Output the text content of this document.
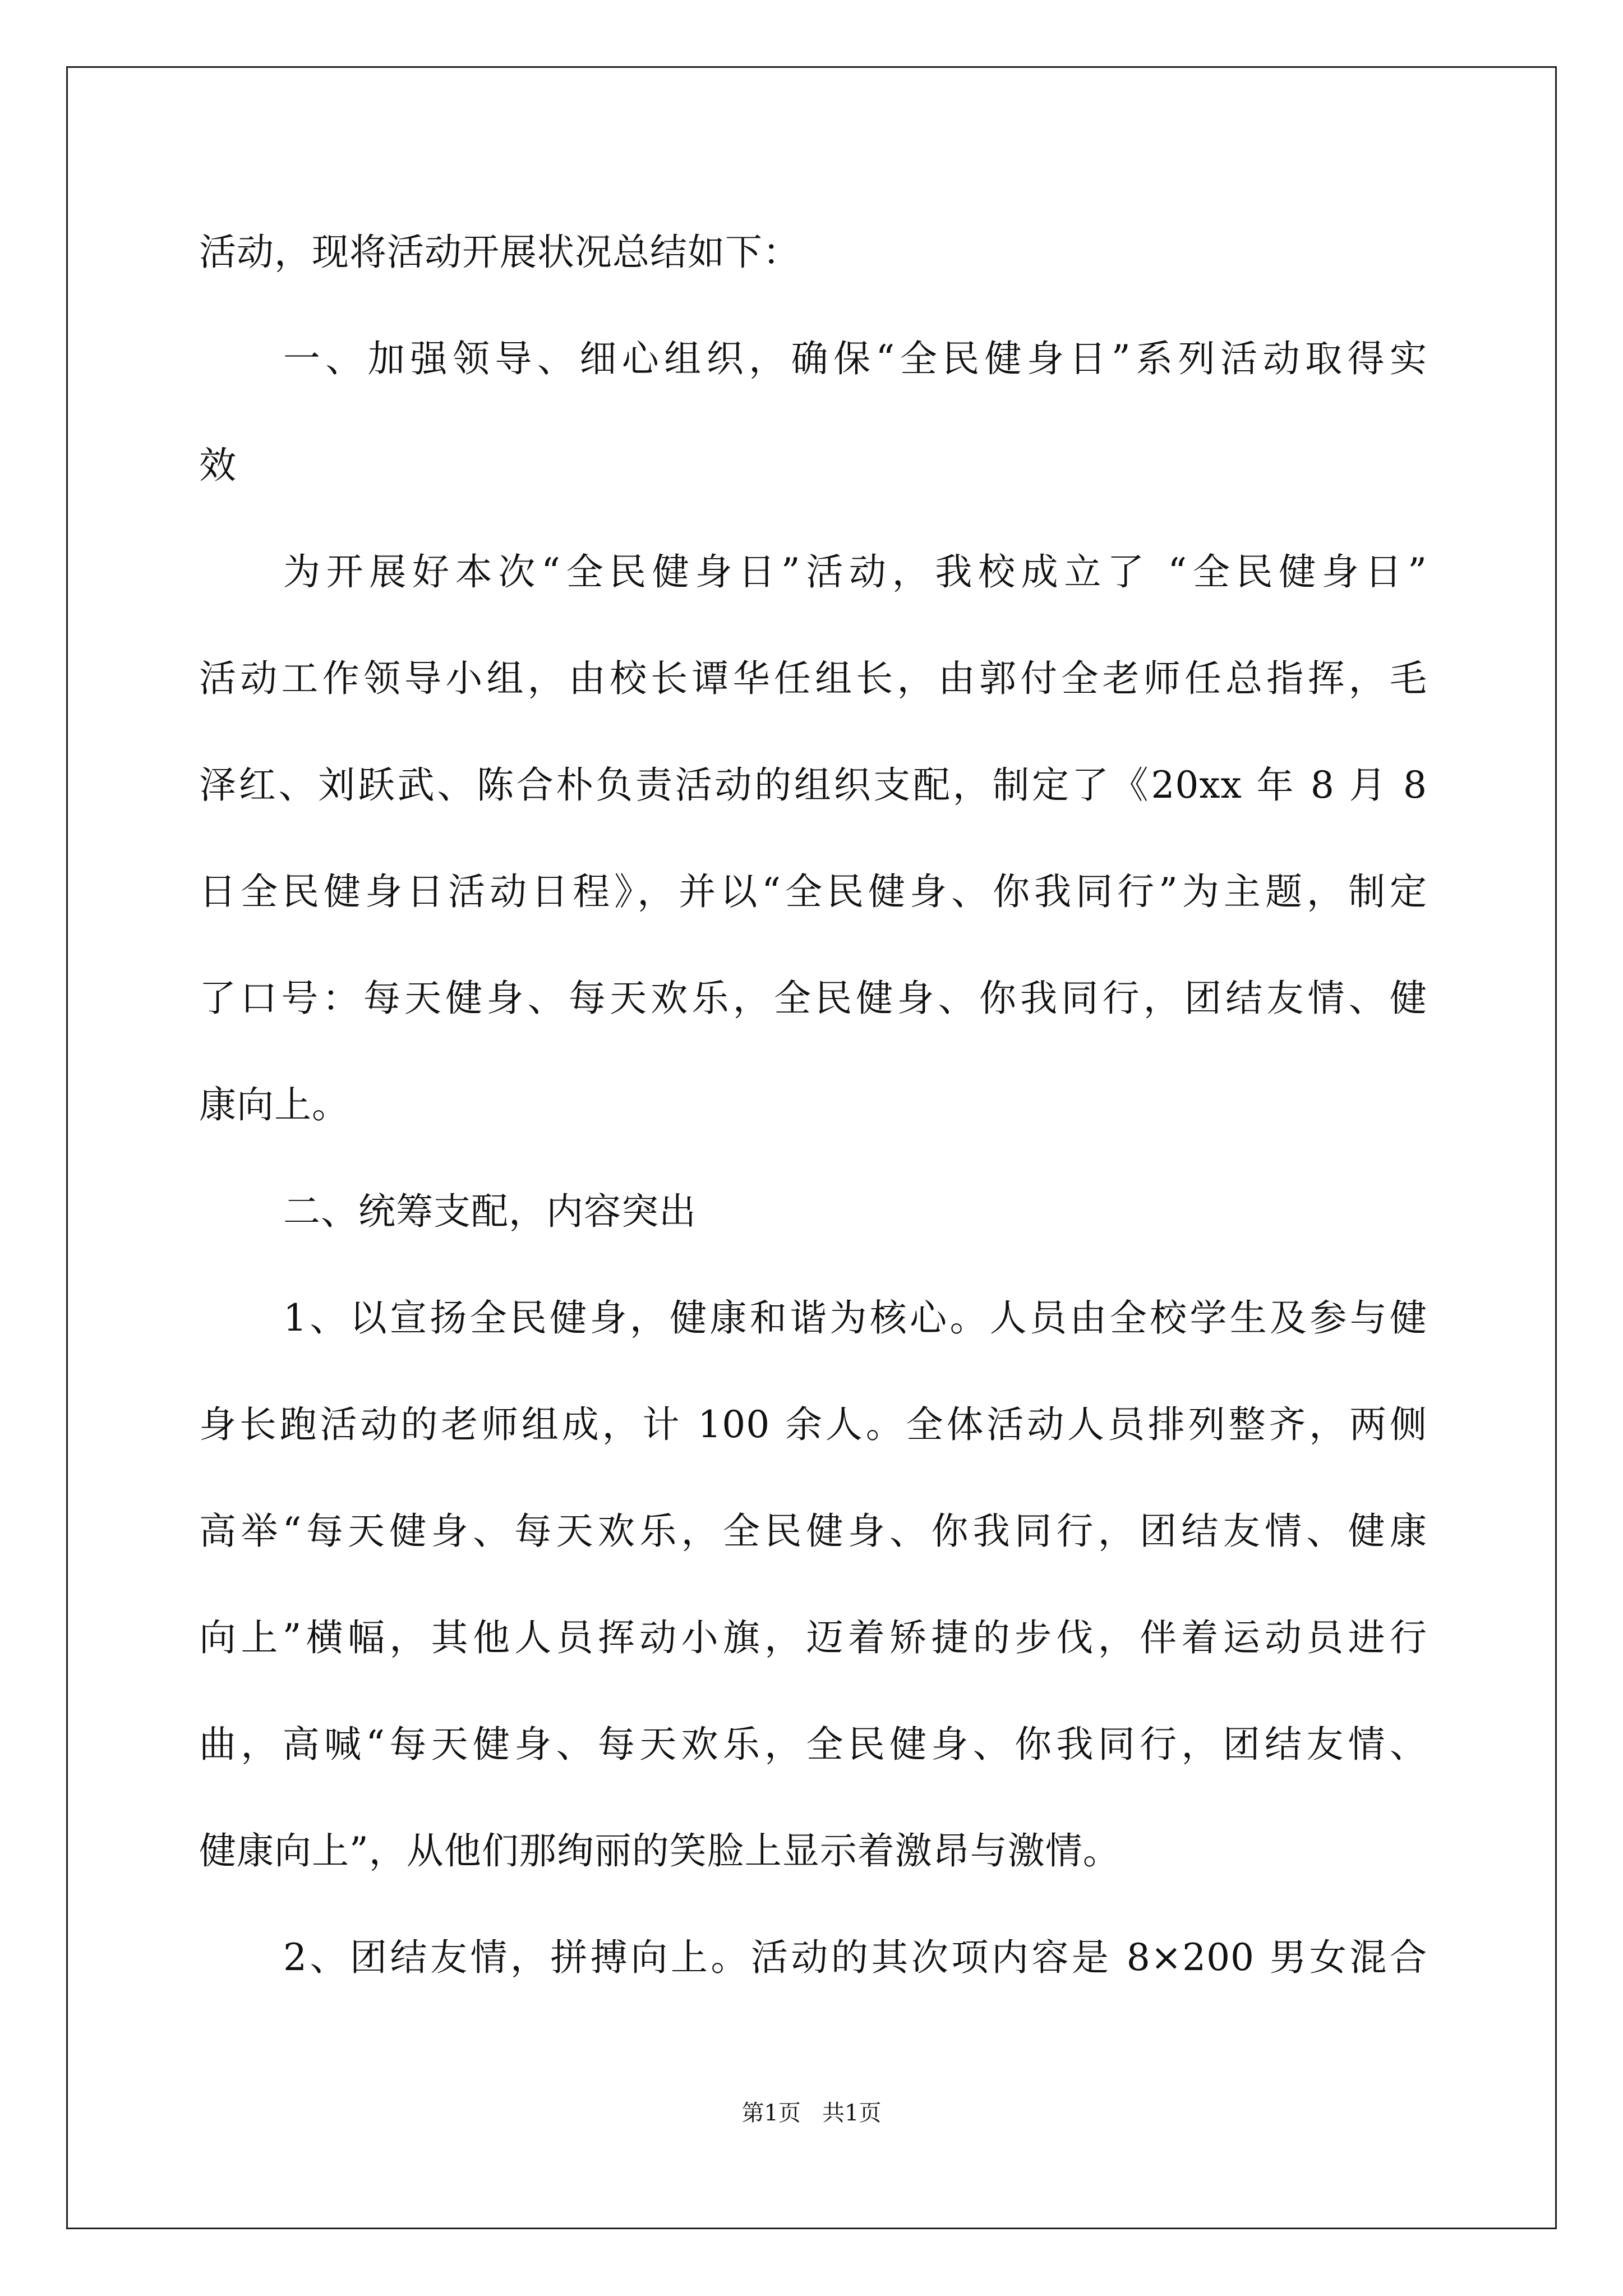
活动，现将活动开展状况总结如下：
一、加强领导、细心组织，确保“全民健身日”系列活动取得实
效
为开展好本次“全民健身日”活动，我校成立了 “全民健身日”
活动工作领导小组，由校长谭华任组长，由郭付全老师任总指挥，毛
泽红、刘跃武、陈合朴负责活动的组织支配，制定了《20xx 年 8 月 8
日全民健身日活动日程》，并以“全民健身、你我同行”为主题，制定
了口号：每天健身、每天欢乐，全民健身、你我同行，团结友情、健
康向上。
二、统筹支配，内容突出
1、以宣扬全民健身，健康和谐为核心。人员由全校学生及参与健
身长跑活动的老师组成，计 100 余人。全体活动人员排列整齐，两侧
高举“每天健身、每天欢乐，全民健身、你我同行，团结友情、健康
向上”横幅，其他人员挥动小旗，迈着矫捷的步伐，伴着运动员进行
曲，高喊“每天健身、每天欢乐，全民健身、你我同行，团结友情、
健康向上”，从他们那绚丽的笑脸上显示着激昂与激情。
2、团结友情，拼搏向上。活动的其次项内容是 8×200 男女混合
第1页   共1页
